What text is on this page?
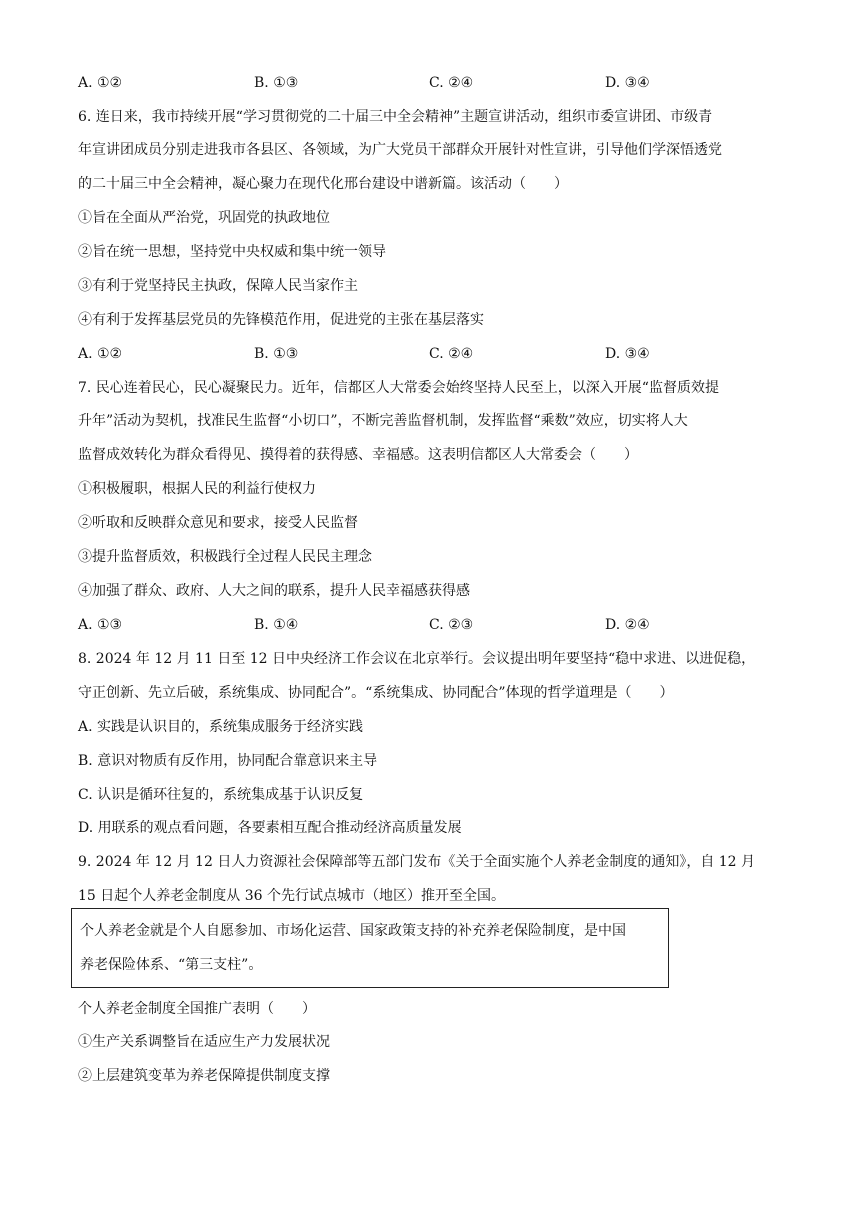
A. ①②	B. ①③	C. ②④	D. ③④
6. 连日来，我市持续开展“学习贯彻党的二十届三中全会精神”主题宣讲活动，组织市委宣讲团、市级青
年宣讲团成员分别走进我市各县区、各领域，为广大党员干部群众开展针对性宣讲，引导他们学深悟透党
的二十届三中全会精神，凝心聚力在现代化邢台建设中谱新篇。该活动（　　）
①旨在全面从严治党，巩固党的执政地位
②旨在统一思想，坚持党中央权威和集中统一领导
③有利于党坚持民主执政，保障人民当家作主
④有利于发挥基层党员的先锋模范作用，促进党的主张在基层落实
A. ①②	B. ①③	C. ②④	D. ③④
7. 民心连着民心，民心凝聚民力。近年，信都区人大常委会始终坚持人民至上，以深入开展“监督质效提
升年”活动为契机，找准民生监督“小切口”，不断完善监督机制，发挥监督“乘数”效应，切实将人大
监督成效转化为群众看得见、摸得着的获得感、幸福感。这表明信都区人大常委会（　　）
①积极履职，根据人民的利益行使权力
②听取和反映群众意见和要求，接受人民监督
③提升监督质效，积极践行全过程人民民主理念
④加强了群众、政府、人大之间的联系，提升人民幸福感获得感
A. ①③	B. ①④	C. ②③	D. ②④
8. 2024 年 12 月 11 日至 12 日中央经济工作会议在北京举行。会议提出明年要坚持“稳中求进、以进促稳，
守正创新、先立后破，系统集成、协同配合”。“系统集成、协同配合”体现的哲学道理是（　　）
A. 实践是认识目的，系统集成服务于经济实践
B. 意识对物质有反作用，协同配合靠意识来主导
C. 认识是循环往复的，系统集成基于认识反复
D. 用联系的观点看问题，各要素相互配合推动经济高质量发展
9. 2024 年 12 月 12 日人力资源社会保障部等五部门发布《关于全面实施个人养老金制度的通知》，自 12 月
15 日起个人养老金制度从 36 个先行试点城市（地区）推开至全国。
个人养老金就是个人自愿参加、市场化运营、国家政策支持的补充养老保险制度，是中国
养老保险体系、“第三支柱”。
个人养老金制度全国推广表明（　　）
①生产关系调整旨在适应生产力发展状况
②上层建筑变革为养老保障提供制度支撑
